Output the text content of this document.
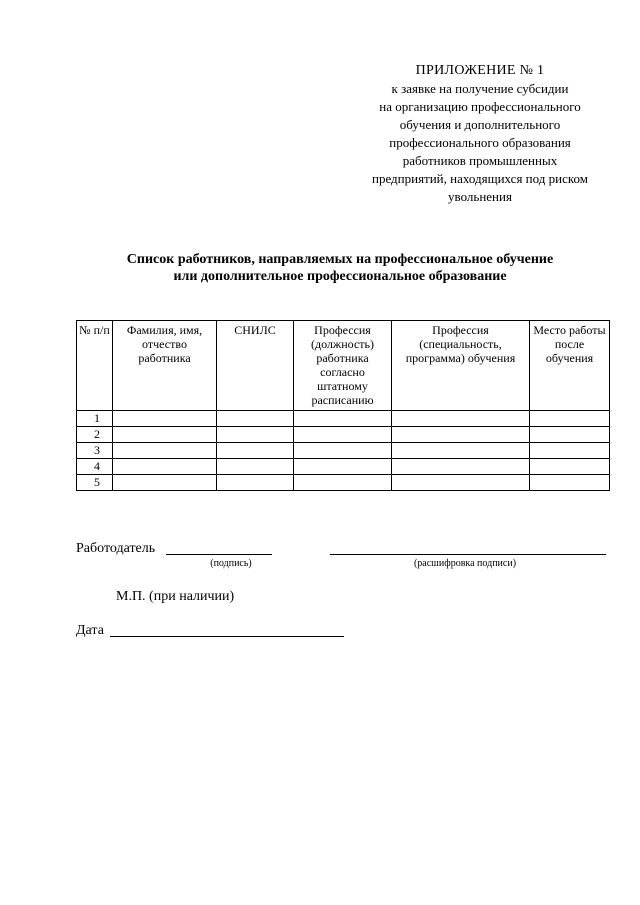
ПРИЛОЖЕНИЕ № 1
к заявке на получение субсидии
на организацию профессионального
обучения и дополнительного
профессионального образования
работников промышленных
предприятий, находящихся под риском
увольнения
Список работников, направляемых на профессиональное обучение
или дополнительное профессиональное образование
№ п/п	Фамилия, имя, отчество работника	СНИЛС	Профессия (должность) работника согласно штатному расписанию	Профессия (специальность, программа) обучения	Место работы после обучения
1					
2					
3					
4					
5					
Работодатель
(подпись)	(расшифровка подписи)
М.П. (при наличии)
Дата
